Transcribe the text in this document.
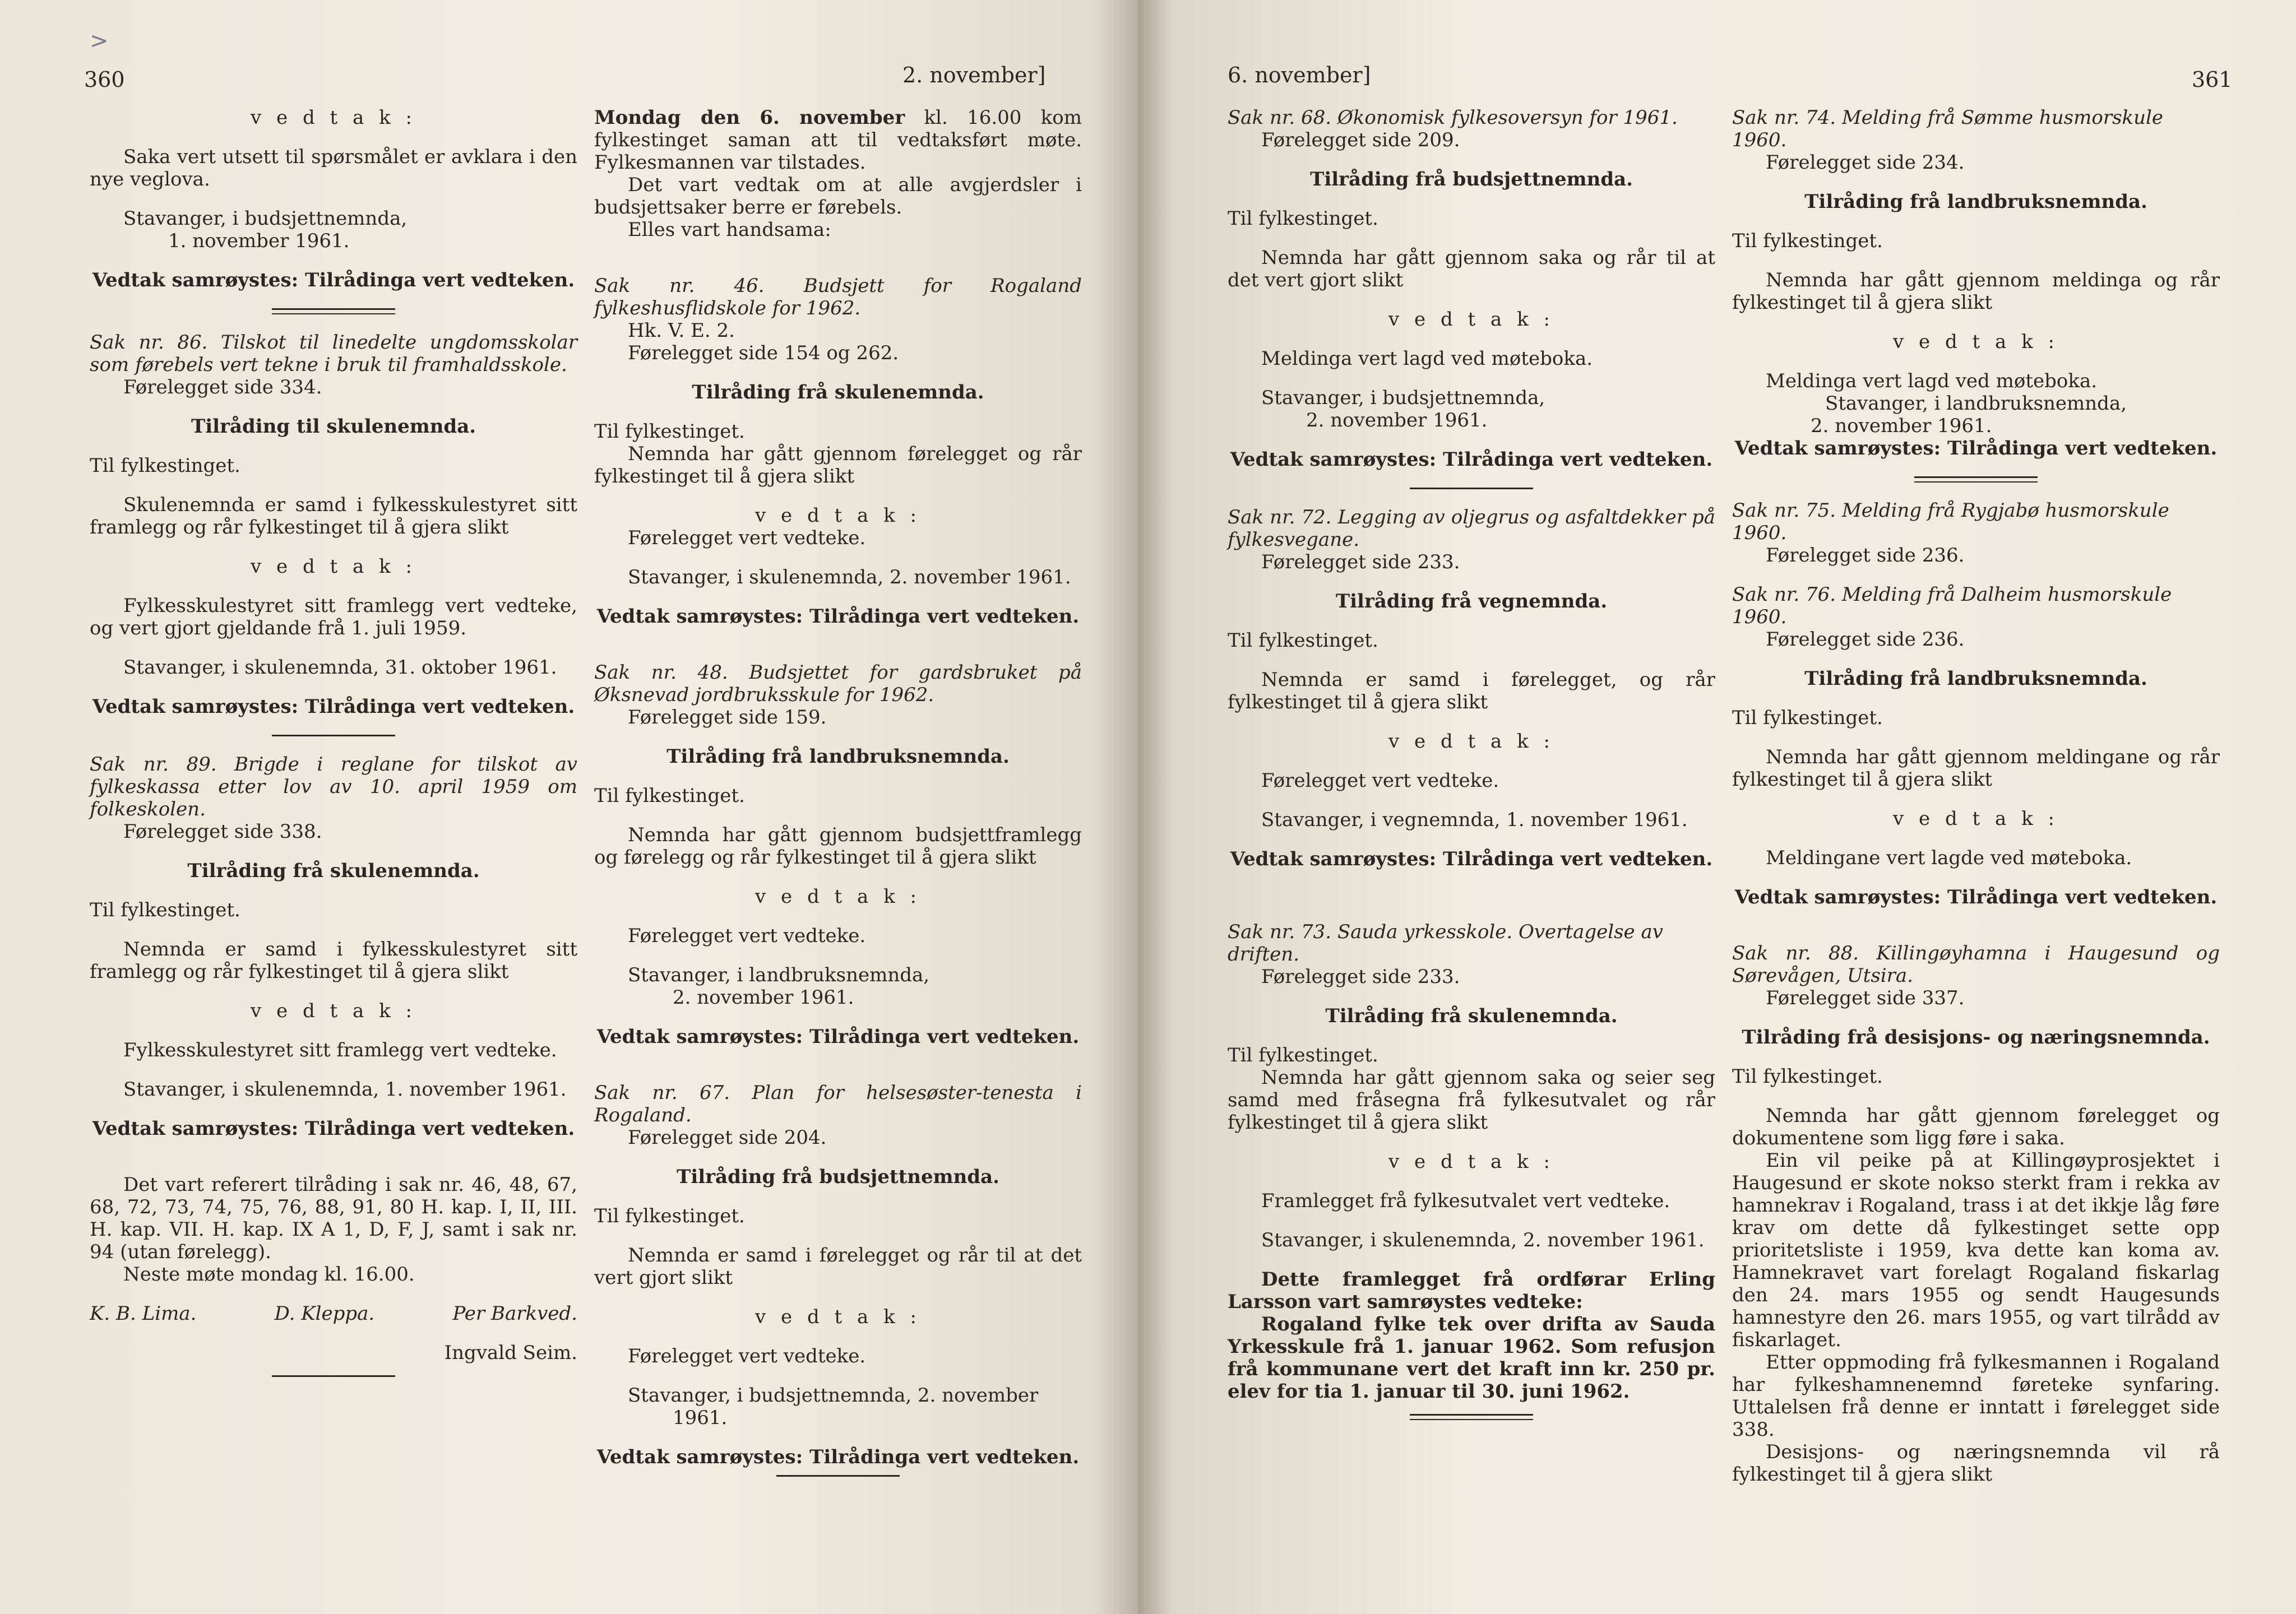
>
360	2. november]

v e d t a k :

Saka vert utsett til spørsmålet er avklara i den nye veglova.

Stavanger, i budsjettnemnda,

1. november 1961.

Vedtak samrøystes: Tilrådinga vert vedteken.

Sak nr. 86. Tilskot til linedelte ungdomsskolar som førebels vert tekne i bruk til framhaldsskole.

Førelegget side 334.

Tilråding til skulenemnda.

Til fylkestinget.

Skulenemnda er samd i fylkesskulestyret sitt framlegg og rår fylkestinget til å gjera slikt

v e d t a k :

Fylkesskulestyret sitt framlegg vert vedteke, og vert gjort gjeldande frå 1. juli 1959.

Stavanger, i skulenemnda, 31. oktober 1961.

Vedtak samrøystes: Tilrådinga vert vedteken.

Sak nr. 89. Brigde i reglane for tilskot av fylkeskassa etter lov av 10. april 1959 om folkeskolen.

Førelegget side 338.

Tilråding frå skulenemnda.

Til fylkestinget.

Nemnda er samd i fylkesskulestyret sitt framlegg og rår fylkestinget til å gjera slikt

v e d t a k :

Fylkesskulestyret sitt framlegg vert vedteke.

Stavanger, i skulenemnda, 1. november 1961.

Vedtak samrøystes: Tilrådinga vert vedteken.

Det vart referert tilråding i sak nr. 46, 48, 67, 68, 72, 73, 74, 75, 76, 88, 91, 80 H. kap. I, II, III. H. kap. VII. H. kap. IX A 1, D, F, J, samt i sak nr. 94 (utan førelegg).

Neste møte mondag kl. 16.00.

K. B. Lima.	D. Kleppa.	Per Barkved.

Ingvald Seim.

Mondag den 6. november kl. 16.00 kom fylkestinget saman att til vedtaksført møte. Fylkesmannen var tilstades.

Det vart vedtak om at alle avgjerdsler i budsjettsaker berre er førebels.

Elles vart handsama:

Sak nr. 46. Budsjett for Rogaland fylkeshusflidskole for 1962.

Hk. V. E. 2.

Førelegget side 154 og 262.

Tilråding frå skulenemnda.

Til fylkestinget.

Nemnda har gått gjennom førelegget og rår fylkestinget til å gjera slikt

v e d t a k :

Førelegget vert vedteke.

Stavanger, i skulenemnda, 2. november 1961.

Vedtak samrøystes: Tilrådinga vert vedteken.

Sak nr. 48. Budsjettet for gardsbruket på Øksnevad jordbruksskule for 1962.

Førelegget side 159.

Tilråding frå landbruksnemnda.

Til fylkestinget.

Nemnda har gått gjennom budsjettframlegg og førelegg og rår fylkestinget til å gjera slikt

v e d t a k :

Førelegget vert vedteke.

Stavanger, i landbruksnemnda,

2. november 1961.

Vedtak samrøystes: Tilrådinga vert vedteken.

Sak nr. 67. Plan for helsesøster-tenesta i Rogaland.

Førelegget side 204.

Tilråding frå budsjettnemnda.

Til fylkestinget.

Nemnda er samd i førelegget og rår til at det vert gjort slikt

v e d t a k :

Førelegget vert vedteke.

Stavanger, i budsjettnemnda, 2. november

1961.

Vedtak samrøystes: Tilrådinga vert vedteken.

6. november]	361

Sak nr. 68. Økonomisk fylkesoversyn for 1961.

Førelegget side 209.

Tilråding frå budsjettnemnda.

Til fylkestinget.

Nemnda har gått gjennom saka og rår til at det vert gjort slikt

v e d t a k :

Meldinga vert lagd ved møteboka.

Stavanger, i budsjettnemnda,

2. november 1961.

Vedtak samrøystes: Tilrådinga vert vedteken.

Sak nr. 72. Legging av oljegrus og asfaltdekker på fylkesvegane.

Førelegget side 233.

Tilråding frå vegnemnda.

Til fylkestinget.

Nemnda er samd i førelegget, og rår fylkestinget til å gjera slikt

v e d t a k :

Førelegget vert vedteke.

Stavanger, i vegnemnda, 1. november 1961.

Vedtak samrøystes: Tilrådinga vert vedteken.

Sak nr. 73. Sauda yrkesskole. Overtagelse av driften.

Førelegget side 233.

Tilråding frå skulenemnda.

Til fylkestinget.

Nemnda har gått gjennom saka og seier seg samd med fråsegna frå fylkesutvalet og rår fylkestinget til å gjera slikt

v e d t a k :

Framlegget frå fylkesutvalet vert vedteke.

Stavanger, i skulenemnda, 2. november 1961.

Dette framlegget frå ordførar Erling Larsson vart samrøystes vedteke:

Rogaland fylke tek over drifta av Sauda Yrkesskule frå 1. januar 1962. Som refusjon frå kommunane vert det kraft inn kr. 250 pr. elev for tia 1. januar til 30. juni 1962.

Sak nr. 74. Melding frå Sømme husmorskule 1960.

Førelegget side 234.

Tilråding frå landbruksnemnda.

Til fylkestinget.

Nemnda har gått gjennom meldinga og rår fylkestinget til å gjera slikt

v e d t a k :

Meldinga vert lagd ved møteboka.

Stavanger, i landbruksnemnda,

2. november 1961.

Vedtak samrøystes: Tilrådinga vert vedteken.

Sak nr. 75. Melding frå Rygjabø husmorskule 1960.

Førelegget side 236.

Sak nr. 76. Melding frå Dalheim husmorskule 1960.

Førelegget side 236.

Tilråding frå landbruksnemnda.

Til fylkestinget.

Nemnda har gått gjennom meldingane og rår fylkestinget til å gjera slikt

v e d t a k :

Meldingane vert lagde ved møteboka.

Vedtak samrøystes: Tilrådinga vert vedteken.

Sak nr. 88. Killingøyhamna i Haugesund og Sørevågen, Utsira.

Førelegget side 337.

Tilråding frå desisjons- og næringsnemnda.

Til fylkestinget.

Nemnda har gått gjennom førelegget og dokumentene som ligg føre i saka.

Ein vil peike på at Killingøyprosjektet i Haugesund er skote nokso sterkt fram i rekka av hamnekrav i Rogaland, trass i at det ikkje låg føre krav om dette då fylkestinget sette opp prioritetsliste i 1959, kva dette kan koma av. Hamnekravet vart forelagt Rogaland fiskarlag den 24. mars 1955 og sendt Haugesunds hamnestyre den 26. mars 1955, og vart tilrådd av fiskarlaget.

Etter oppmoding frå fylkesmannen i Rogaland har fylkeshamnenemnd føreteke synfaring. Uttalelsen frå denne er inntatt i førelegget side 338.

Desisjons- og næringsnemnda vil rå fylkestinget til å gjera slikt
